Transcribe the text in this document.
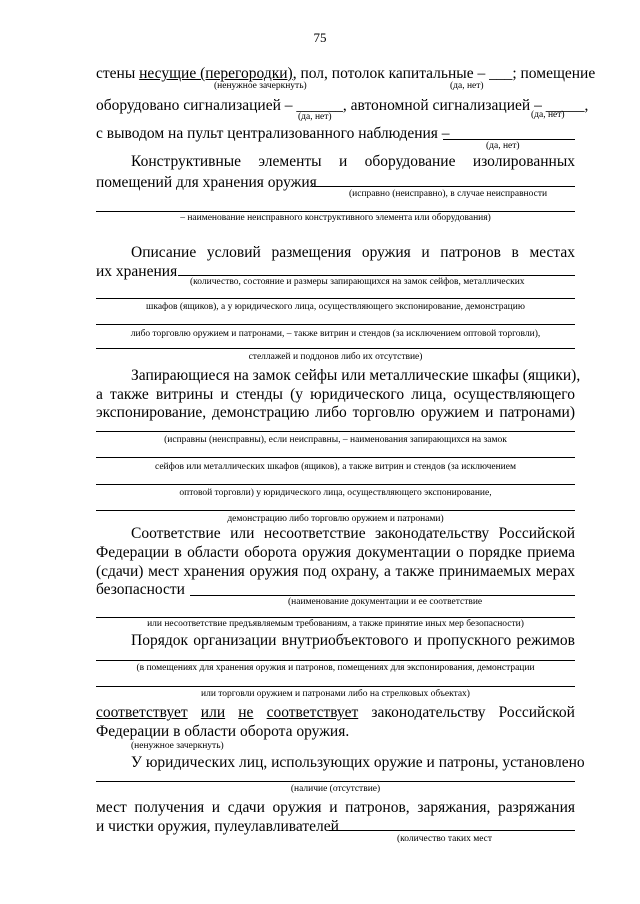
75
стены несущие (перегородки), пол, потолок капитальные – ___; помещение
(ненужное зачеркнуть)	(да, нет)
оборудовано сигнализацией – ______, автономной сигнализацией – _____,
(да, нет)	(да, нет)
с выводом на пульт централизованного наблюдения –
(да, нет)
Конструктивные элементы и оборудование изолированных
помещений для хранения оружия
(исправно (неисправно), в случае неисправности
– наименование неисправного конструктивного элемента или оборудования)
Описание условий размещения оружия и патронов в местах
их хранения
(количество, состояние и размеры запирающихся на замок сейфов, металлических
шкафов (ящиков), а у юридического лица, осуществляющего экспонирование, демонстрацию
либо торговлю оружием и патронами, – также витрин и стендов (за исключением оптовой торговли),
стеллажей и поддонов либо их отсутствие)
Запирающиеся на замок сейфы или металлические шкафы (ящики),
а также витрины и стенды (у юридического лица, осуществляющего
экспонирование, демонстрацию либо торговлю оружием и патронами)
(исправны (неисправны), если неисправны, – наименования запирающихся на замок
сейфов или металлических шкафов (ящиков), а также витрин и стендов (за исключением
оптовой торговли) у юридического лица, осуществляющего экспонирование,
демонстрацию либо торговлю оружием и патронами)
Соответствие или несоответствие законодательству Российской
Федерации в области оборота оружия документации о порядке приема
(сдачи) мест хранения оружия под охрану, а также принимаемых мерах
безопасности
(наименование документации и ее соответствие
или несоответствие предъявляемым требованиям, а также принятие иных мер безопасности)
Порядок организации внутриобъектового и пропускного режимов
(в помещениях для хранения оружия и патронов, помещениях для экспонирования, демонстрации
или торговли оружием и патронами либо на стрелковых объектах)
соответствует или не соответствует законодательству Российской
Федерации в области оборота оружия.
(ненужное зачеркнуть)
У юридических лиц, использующих оружие и патроны, установлено
(наличие (отсутствие)
мест получения и сдачи оружия и патронов, заряжания, разряжания
и чистки оружия, пулеулавливателей
(количество таких мест
